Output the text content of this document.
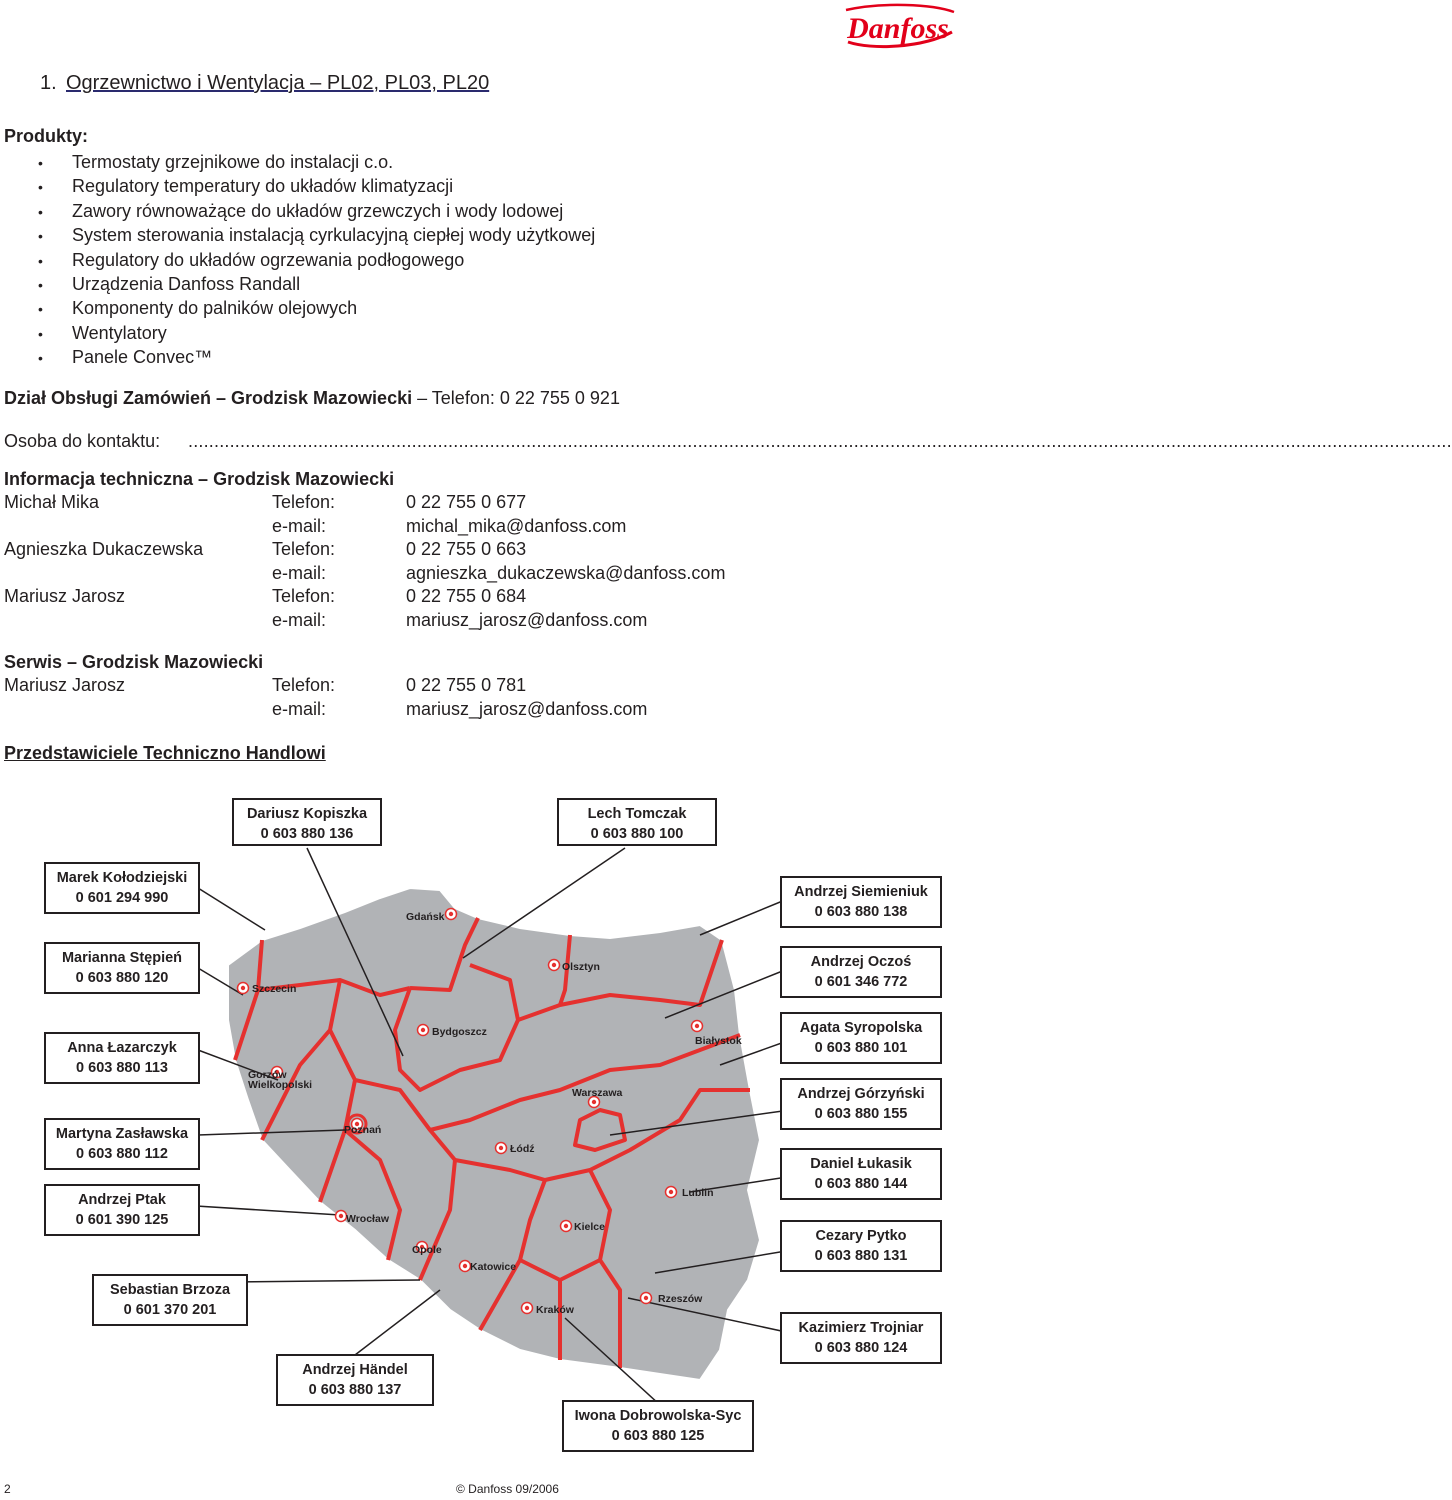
Danfoss
1. Ogrzewnictwo i Wentylacja – PL02, PL03, PL20
Produkty:
• Termostaty grzejnikowe do instalacji c.o.
• Regulatory temperatury do układów klimatyzacji
• Zawory równoważące do układów grzewczych i wody lodowej
• System sterowania instalacją cyrkulacyjną ciepłej wody użytkowej
• Regulatory do układów ogrzewania podłogowego
• Urządzenia Danfoss Randall
• Komponenty do palników olejowych
• Wentylatory
• Panele Convec™
Dział Obsługi Zamówień – Grodzisk Mazowiecki – Telefon: 0 22 755 0 921
Osoba do kontaktu: ...................................................................................................................................................................................................................................................
Informacja techniczna – Grodzisk Mazowiecki
Michał Mika	Telefon:	0 22 755 0 677
e-mail:	michal_mika@danfoss.com
Agnieszka Dukaczewska	Telefon:	0 22 755 0 663
e-mail:	agnieszka_dukaczewska@danfoss.com
Mariusz Jarosz	Telefon:	0 22 755 0 684
e-mail:	mariusz_jarosz@danfoss.com
Serwis – Grodzisk Mazowiecki
Mariusz Jarosz	Telefon:	0 22 755 0 781
e-mail:	mariusz_jarosz@danfoss.com
Przedstawiciele Techniczno Handlowi
Gdańsk
Olsztyn
Szczecin
Bydgoszcz
Białystok
Gorzów
Wielkopolski
Poznań
Warszawa
Łódź
Lublin
Wrocław
Kielce
Opole
Katowice
Rzeszów
Kraków
Dariusz Kopiszka
0 603 880 136
Lech Tomczak
0 603 880 100
Marek Kołodziejski
0 601 294 990
Marianna Stępień
0 603 880 120
Anna Łazarczyk
0 603 880 113
Martyna Zasławska
0 603 880 112
Andrzej Ptak
0 601 390 125
Sebastian Brzoza
0 601 370 201
Andrzej Händel
0 603 880 137
Iwona Dobrowolska-Syc
0 603 880 125
Andrzej Siemieniuk
0 603 880 138
Andrzej Oczoś
0 601 346 772
Agata Syropolska
0 603 880 101
Andrzej Górzyński
0 603 880 155
Daniel Łukasik
0 603 880 144
Cezary Pytko
0 603 880 131
Kazimierz Trojniar
0 603 880 124
2	© Danfoss 09/2006
